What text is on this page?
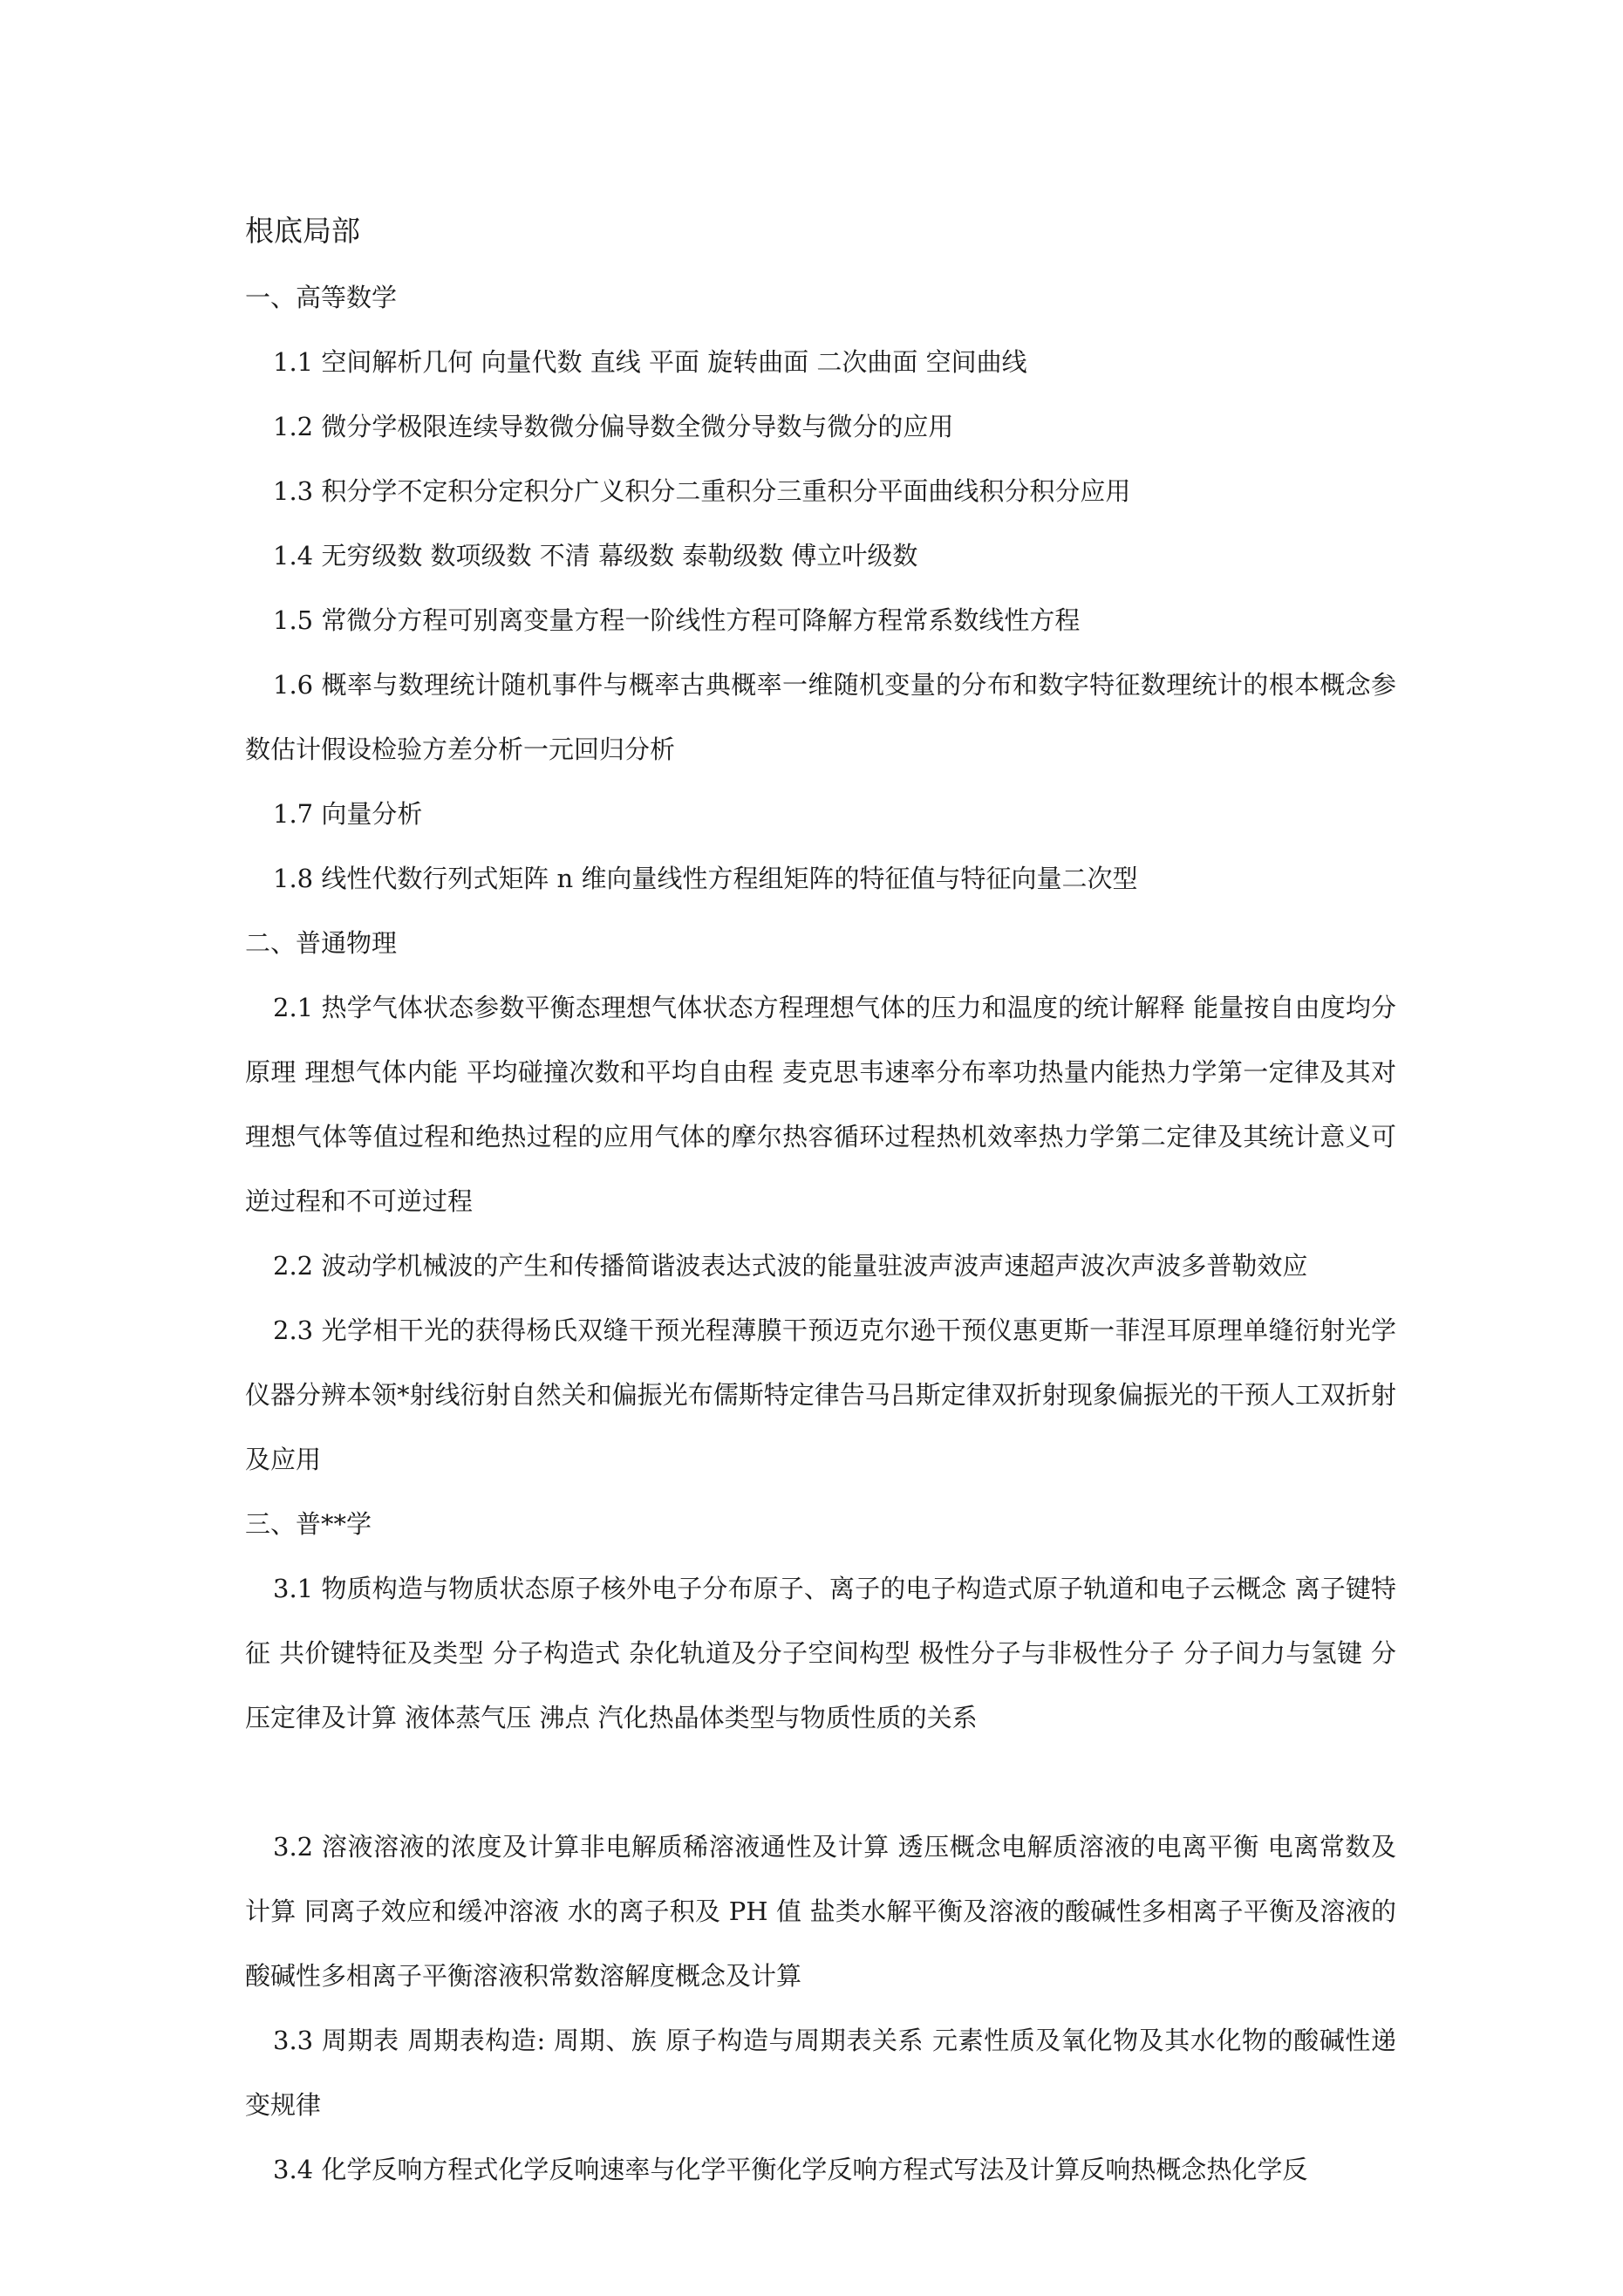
根底局部

一、高等数学

1.1 空间解析几何 向量代数 直线 平面 旋转曲面 二次曲面 空间曲线

1.2 微分学极限连续导数微分偏导数全微分导数与微分的应用

1.3 积分学不定积分定积分广义积分二重积分三重积分平面曲线积分积分应用

1.4 无穷级数 数项级数 不清 幕级数 泰勒级数 傅立叶级数

1.5 常微分方程可别离变量方程一阶线性方程可降解方程常系数线性方程

1.6 概率与数理统计随机事件与概率古典概率一维随机变量的分布和数字特征数理统计的根本概念参数估计假设检验方差分析一元回归分析

1.7 向量分析

1.8 线性代数行列式矩阵 n 维向量线性方程组矩阵的特征值与特征向量二次型

二、普通物理

2.1 热学气体状态参数平衡态理想气体状态方程理想气体的压力和温度的统计解释 能量按自由度均分原理 理想气体内能 平均碰撞次数和平均自由程 麦克思韦速率分布率功热量内能热力学第一定律及其对理想气体等值过程和绝热过程的应用气体的摩尔热容循环过程热机效率热力学第二定律及其统计意义可逆过程和不可逆过程

2.2 波动学机械波的产生和传播简谐波表达式波的能量驻波声波声速超声波次声波多普勒效应

2.3 光学相干光的获得杨氏双缝干预光程薄膜干预迈克尔逊干预仪惠更斯一菲涅耳原理单缝衍射光学仪器分辨本领*射线衍射自然关和偏振光布儒斯特定律告马吕斯定律双折射现象偏振光的干预人工双折射及应用

三、普**学

3.1 物质构造与物质状态原子核外电子分布原子、离子的电子构造式原子轨道和电子云概念 离子键特征 共价键特征及类型 分子构造式 杂化轨道及分子空间构型 极性分子与非极性分子 分子间力与氢键 分压定律及计算 液体蒸气压 沸点 汽化热晶体类型与物质性质的关系

3.2 溶液溶液的浓度及计算非电解质稀溶液通性及计算 透压概念电解质溶液的电离平衡 电离常数及计算 同离子效应和缓冲溶液 水的离子积及 PH 值 盐类水解平衡及溶液的酸碱性多相离子平衡及溶液的酸碱性多相离子平衡溶液积常数溶解度概念及计算

3.3 周期表 周期表构造: 周期、族 原子构造与周期表关系 元素性质及氧化物及其水化物的酸碱性递变规律

3.4 化学反响方程式化学反响速率与化学平衡化学反响方程式写法及计算反响热概念热化学反
